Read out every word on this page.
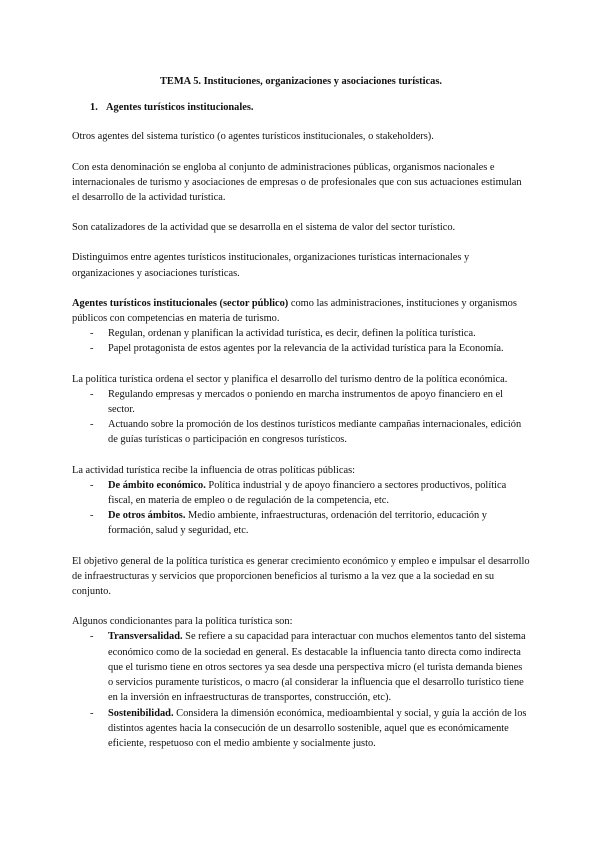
TEMA 5. Instituciones, organizaciones y asociaciones turísticas.
1. Agentes turísticos institucionales.

Otros agentes del sistema turístico (o agentes turísticos institucionales, o stakeholders).

Con esta denominación se engloba al conjunto de administraciones públicas, organismos nacionales e internacionales de turismo y asociaciones de empresas o de profesionales que con sus actuaciones estimulan el desarrollo de la actividad turística.

Son catalizadores de la actividad que se desarrolla en el sistema de valor del sector turístico.

Distinguimos entre agentes turísticos institucionales, organizaciones turísticas internacionales y organizaciones y asociaciones turísticas.

Agentes turísticos institucionales (sector público) como las administraciones, instituciones y organismos públicos con competencias en materia de turismo.

- Regulan, ordenan y planifican la actividad turística, es decir, definen la política turística.
- Papel protagonista de estos agentes por la relevancia de la actividad turística para la Economía.

La política turística ordena el sector y planifica el desarrollo del turismo dentro de la política económica.

- Regulando empresas y mercados o poniendo en marcha instrumentos de apoyo financiero en el sector.
- Actuando sobre la promoción de los destinos turísticos mediante campañas internacionales, edición de guías turísticas o participación en congresos turísticos.

La actividad turística recibe la influencia de otras políticas públicas:

- De ámbito económico. Política industrial y de apoyo financiero a sectores productivos, política fiscal, en materia de empleo o de regulación de la competencia, etc.
- De otros ámbitos. Medio ambiente, infraestructuras, ordenación del territorio, educación y formación, salud y seguridad, etc.

El objetivo general de la política turística es generar crecimiento económico y empleo e impulsar el desarrollo de infraestructuras y servicios que proporcionen beneficios al turismo a la vez que a la sociedad en su conjunto.

Algunos condicionantes para la política turística son:

- Transversalidad. Se refiere a su capacidad para interactuar con muchos elementos tanto del sistema económico como de la sociedad en general. Es destacable la influencia tanto directa como indirecta que el turismo tiene en otros sectores ya sea desde una perspectiva micro (el turista demanda bienes o servicios puramente turísticos, o macro (al considerar la influencia que el desarrollo turístico tiene en la inversión en infraestructuras de transportes, construcción, etc).
- Sostenibilidad. Considera la dimensión económica, medioambiental y social, y guía la acción de los distintos agentes hacia la consecución de un desarrollo sostenible, aquel que es económicamente eficiente, respetuoso con el medio ambiente y socialmente justo.
